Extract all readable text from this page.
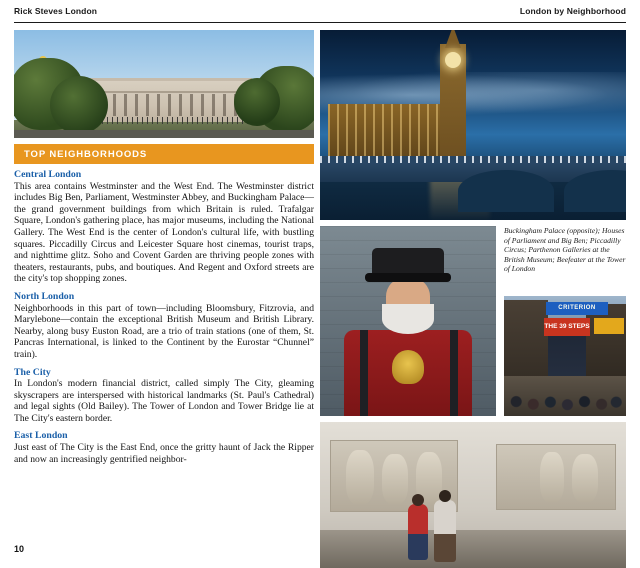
Rick Steves London	London by Neighborhood
TOP NEIGHBORHOODS
Central London

This area contains Westminster and the West End. The Westminster district includes Big Ben, Parliament, Westminster Abbey, and Buckingham Palace—the grand government buildings from which Britain is ruled. Trafalgar Square, London's gathering place, has major museums, including the National Gallery. The West End is the center of London's cultural life, with bustling squares. Piccadilly Circus and Leicester Square host cinemas, tourist traps, and nighttime glitz. Soho and Covent Garden are thriving people zones with theaters, restaurants, pubs, and boutiques. And Regent and Oxford streets are the city's top shopping zones.

North London

Neighborhoods in this part of town—including Bloomsbury, Fitzrovia, and Marylebone—contain the exceptional British Museum and British Library. Nearby, along busy Euston Road, are a trio of train stations (one of them, St. Pancras International, is linked to the Continent by the Eurostar “Chunnel” train).

The City

In London's modern financial district, called simply The City, gleaming skyscrapers are interspersed with historical landmarks (St. Paul's Cathedral) and legal sights (Old Bailey). The Tower of London and Tower Bridge lie at The City's eastern border.

East London

Just east of The City is the East End, once the gritty haunt of Jack the Ripper and now an increasingly gentrified neighbor-

10
Buckingham Palace (opposite); Houses of Parliament and Big Ben; Piccadilly Circus; Parthenon Galleries at the British Museum; Beefeater at the Tower of London
CRITERION
THE 39 STEPS
